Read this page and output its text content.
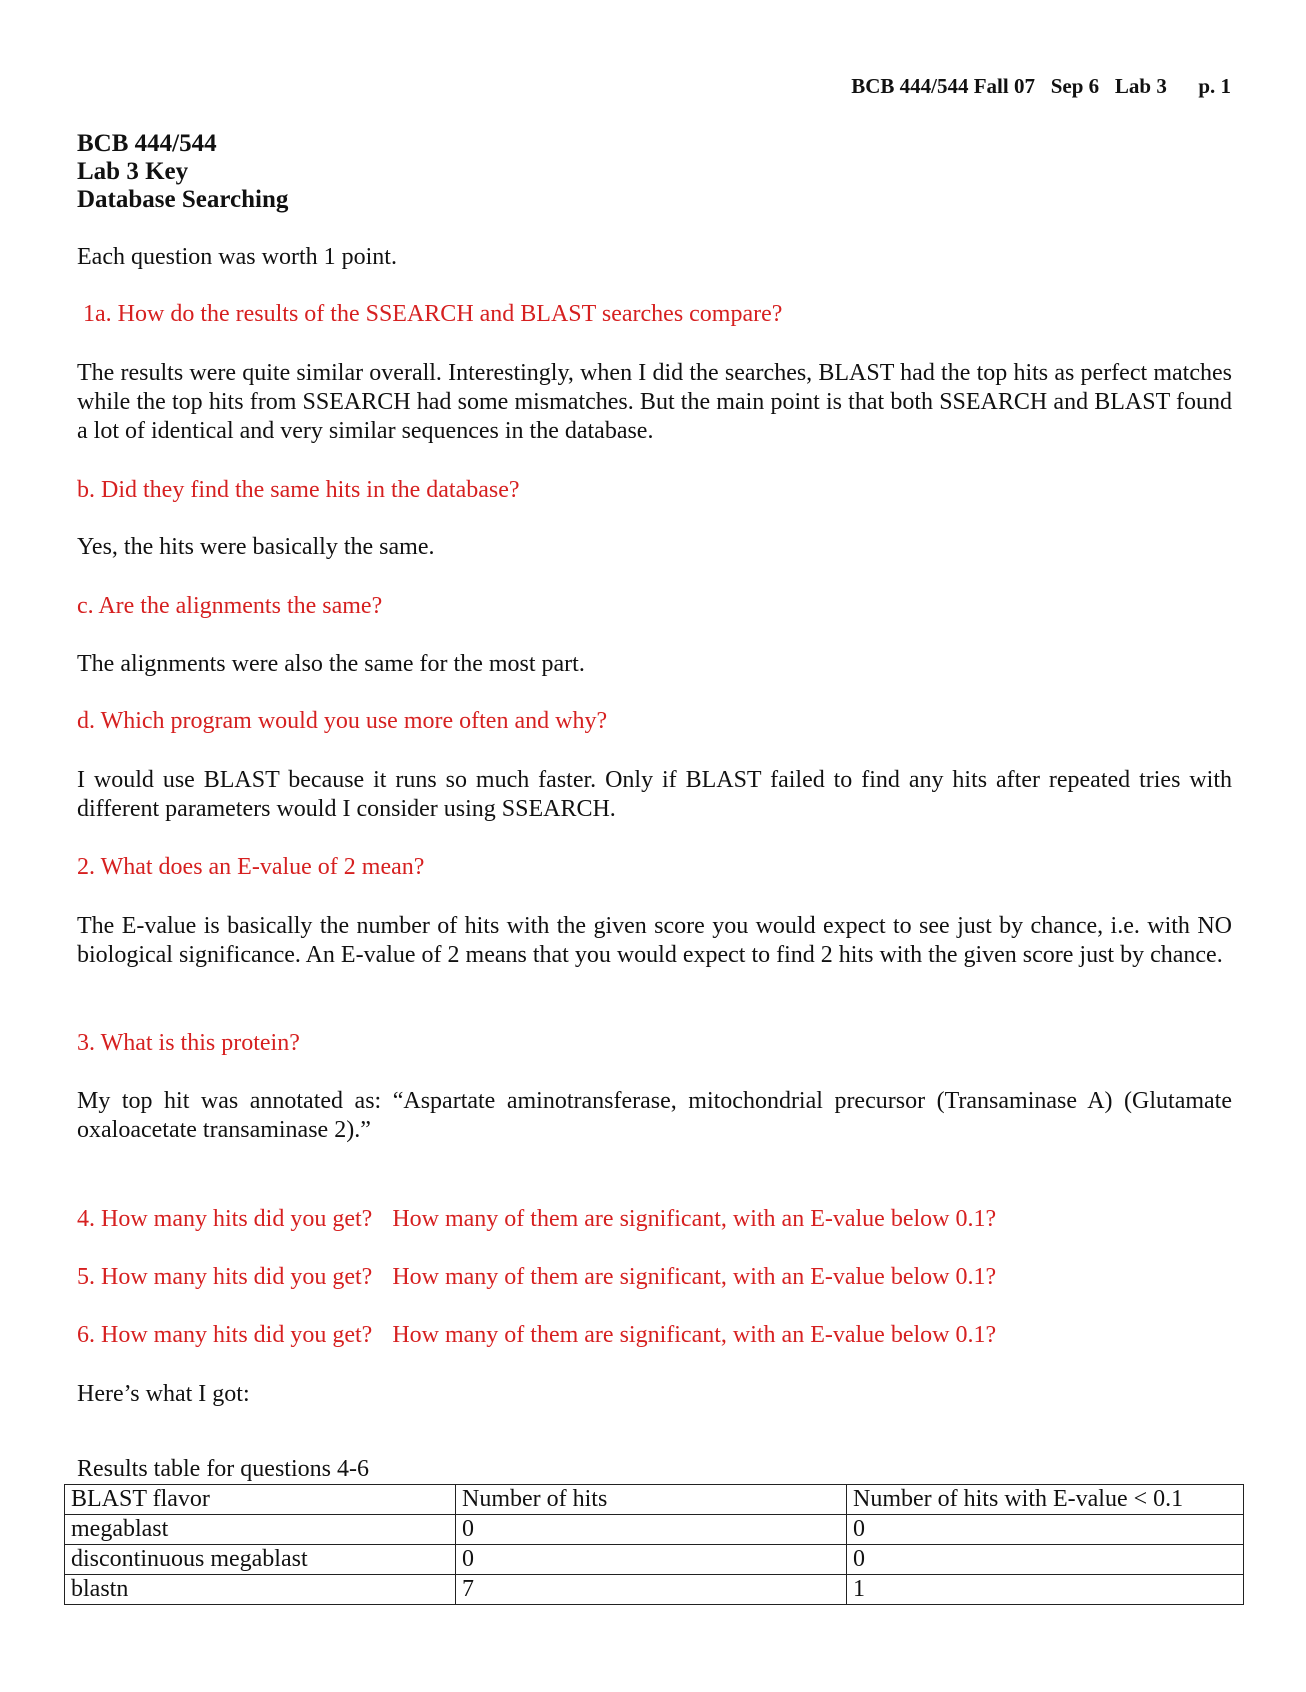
BCB 444/544 Fall 07   Sep 6   Lab 3      p. 1
BCB 444/544
Lab 3 Key
Database Searching
Each question was worth 1 point.
1a. How do the results of the SSEARCH and BLAST searches compare?
The results were quite similar overall. Interestingly, when I did the searches, BLAST had the top hits as perfect matches while the top hits from SSEARCH had some mismatches. But the main point is that both SSEARCH and BLAST found a lot of identical and very similar sequences in the database.
b. Did they find the same hits in the database?
Yes, the hits were basically the same.
c. Are the alignments the same?
The alignments were also the same for the most part.
d. Which program would you use more often and why?
I would use BLAST because it runs so much faster. Only if BLAST failed to find any hits after repeated tries with different parameters would I consider using SSEARCH.
2. What does an E-value of 2 mean?
The E-value is basically the number of hits with the given score you would expect to see just by chance, i.e. with NO biological significance. An E-value of 2 means that you would expect to find 2 hits with the given score just by chance.
3. What is this protein?
My top hit was annotated as: “Aspartate aminotransferase, mitochondrial precursor (Transaminase A) (Glutamate oxaloacetate transaminase 2).”
4. How many hits did you get? How many of them are significant, with an E-value below 0.1?
5. How many hits did you get? How many of them are significant, with an E-value below 0.1?
6. How many hits did you get? How many of them are significant, with an E-value below 0.1?
Here’s what I got:
Results table for questions 4-6
BLAST flavor	Number of hits	Number of hits with E-value < 0.1
megablast	0	0
discontinuous megablast	0	0
blastn	7	1
